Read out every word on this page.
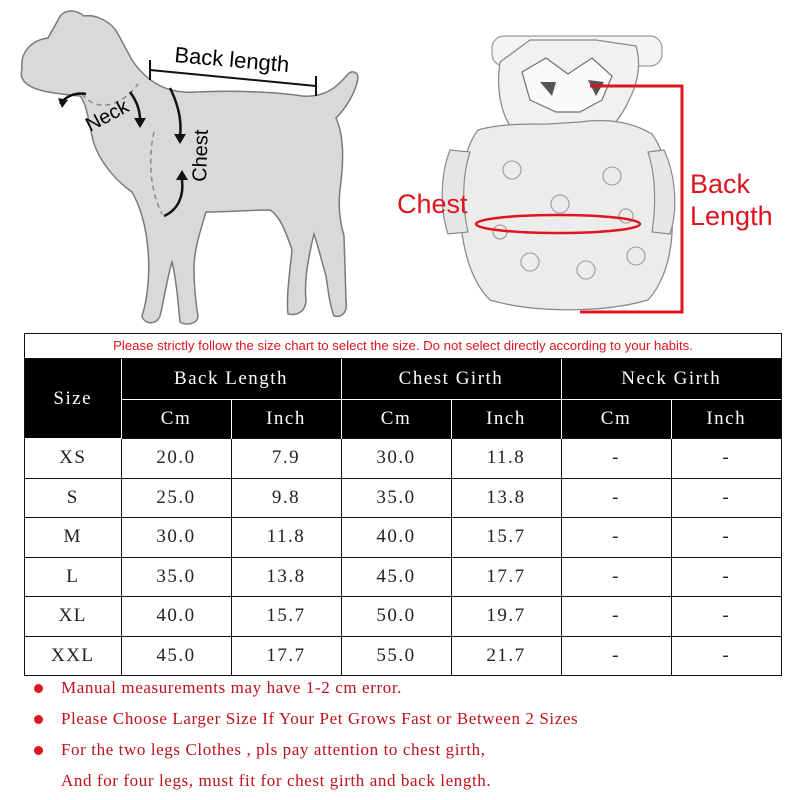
Back length
Neck
Chest
Chest
Back Length
Please strictly follow the size chart to select the size. Do not select directly according to your habits.
Size	Back Length		Chest Girth		Neck Girth	
	Cm	Inch	Cm	Inch	Cm	Inch
XS	20.0	7.9	30.0	11.8	-	-
S	25.0	9.8	35.0	13.8	-	-
M	30.0	11.8	40.0	15.7	-	-
L	35.0	13.8	45.0	17.7	-	-
XL	40.0	15.7	50.0	19.7	-	-
XXL	45.0	17.7	55.0	21.7	-	-
Manual measurements may have 1-2 cm error.
Please Choose Larger Size If Your Pet Grows Fast or Between 2 Sizes
For the two legs Clothes , pls pay attention to chest girth,
And for four legs, must fit for chest girth and back length.
